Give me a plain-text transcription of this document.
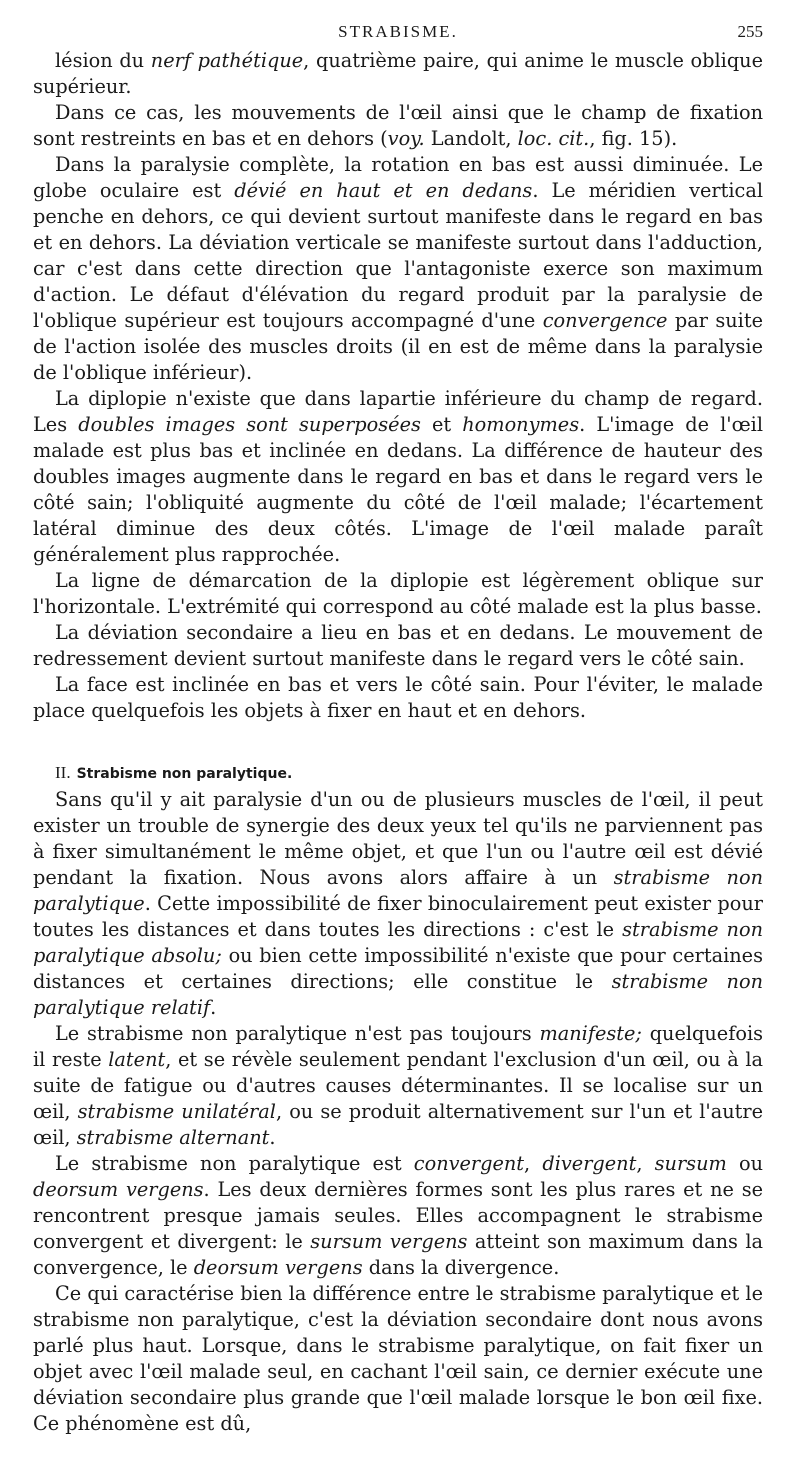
STRABISME.	255

lésion du nerf pathétique, quatrième paire, qui anime le muscle oblique supérieur.

Dans ce cas, les mouvements de l'œil ainsi que le champ de fixation sont restreints en bas et en dehors (voy. Landolt, loc. cit., fig. 15).

Dans la paralysie complète, la rotation en bas est aussi diminuée. Le globe oculaire est dévié en haut et en dedans. Le méridien vertical penche en dehors, ce qui devient surtout manifeste dans le regard en bas et en dehors. La déviation verticale se manifeste surtout dans l'adduction, car c'est dans cette direction que l'antagoniste exerce son maximum d'action. Le défaut d'élévation du regard produit par la paralysie de l'oblique supérieur est toujours accompagné d'une convergence par suite de l'action isolée des muscles droits (il en est de même dans la paralysie de l'oblique inférieur).

La diplopie n'existe que dans lapartie inférieure du champ de regard. Les doubles images sont superposées et homonymes. L'image de l'œil malade est plus bas et inclinée en dedans. La différence de hauteur des doubles images augmente dans le regard en bas et dans le regard vers le côté sain; l'obliquité augmente du côté de l'œil malade; l'écartement latéral diminue des deux côtés. L'image de l'œil malade paraît généralement plus rapprochée.

La ligne de démarcation de la diplopie est légèrement oblique sur l'horizontale. L'extrémité qui correspond au côté malade est la plus basse.

La déviation secondaire a lieu en bas et en dedans. Le mouvement de redressement devient surtout manifeste dans le regard vers le côté sain.

La face est inclinée en bas et vers le côté sain. Pour l'éviter, le malade place quelquefois les objets à fixer en haut et en dehors.

II. Strabisme non paralytique.

Sans qu'il y ait paralysie d'un ou de plusieurs muscles de l'œil, il peut exister un trouble de synergie des deux yeux tel qu'ils ne parviennent pas à fixer simultanément le même objet, et que l'un ou l'autre œil est dévié pendant la fixation. Nous avons alors affaire à un strabisme non paralytique. Cette impossibilité de fixer binoculairement peut exister pour toutes les distances et dans toutes les directions : c'est le strabisme non paralytique absolu; ou bien cette impossibilité n'existe que pour certaines distances et certaines directions; elle constitue le strabisme non paralytique relatif.

Le strabisme non paralytique n'est pas toujours manifeste; quelquefois il reste latent, et se révèle seulement pendant l'exclusion d'un œil, ou à la suite de fatigue ou d'autres causes déterminantes. Il se localise sur un œil, strabisme unilatéral, ou se produit alternativement sur l'un et l'autre œil, strabisme alternant.

Le strabisme non paralytique est convergent, divergent, sursum ou deorsum vergens. Les deux dernières formes sont les plus rares et ne se rencontrent presque jamais seules. Elles accompagnent le strabisme convergent et divergent: le sursum vergens atteint son maximum dans la convergence, le deorsum vergens dans la divergence.

Ce qui caractérise bien la différence entre le strabisme paralytique et le strabisme non paralytique, c'est la déviation secondaire dont nous avons parlé plus haut. Lorsque, dans le strabisme paralytique, on fait fixer un objet avec l'œil malade seul, en cachant l'œil sain, ce dernier exécute une déviation secondaire plus grande que l'œil malade lorsque le bon œil fixe. Ce phénomène est dû,
